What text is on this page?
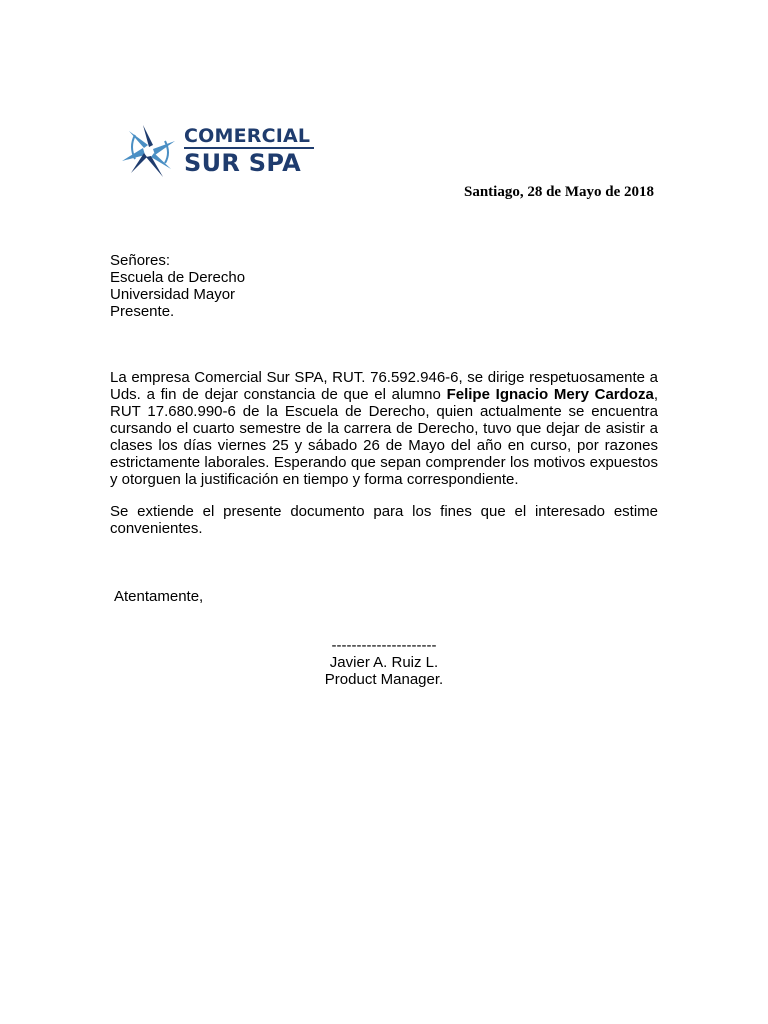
COMERCIAL
SUR SPA
Santiago, 28 de Mayo de 2018
Señores:
Escuela de Derecho
Universidad Mayor
Presente.
La empresa Comercial Sur SPA, RUT. 76.592.946-6, se dirige respetuosamente a Uds. a fin de dejar constancia de que el alumno Felipe Ignacio Mery Cardoza, RUT 17.680.990-6 de la Escuela de Derecho, quien actualmente se encuentra cursando el cuarto semestre de la carrera de Derecho, tuvo que dejar de asistir a clases los días viernes 25 y sábado 26 de Mayo del año en curso, por razones estrictamente laborales. Esperando que sepan comprender los motivos expuestos y otorguen la justificación en tiempo y forma correspondiente.
Se extiende el presente documento para los fines que el interesado estime convenientes.
Atentamente,
---------------------
Javier A. Ruiz L.
Product Manager.
